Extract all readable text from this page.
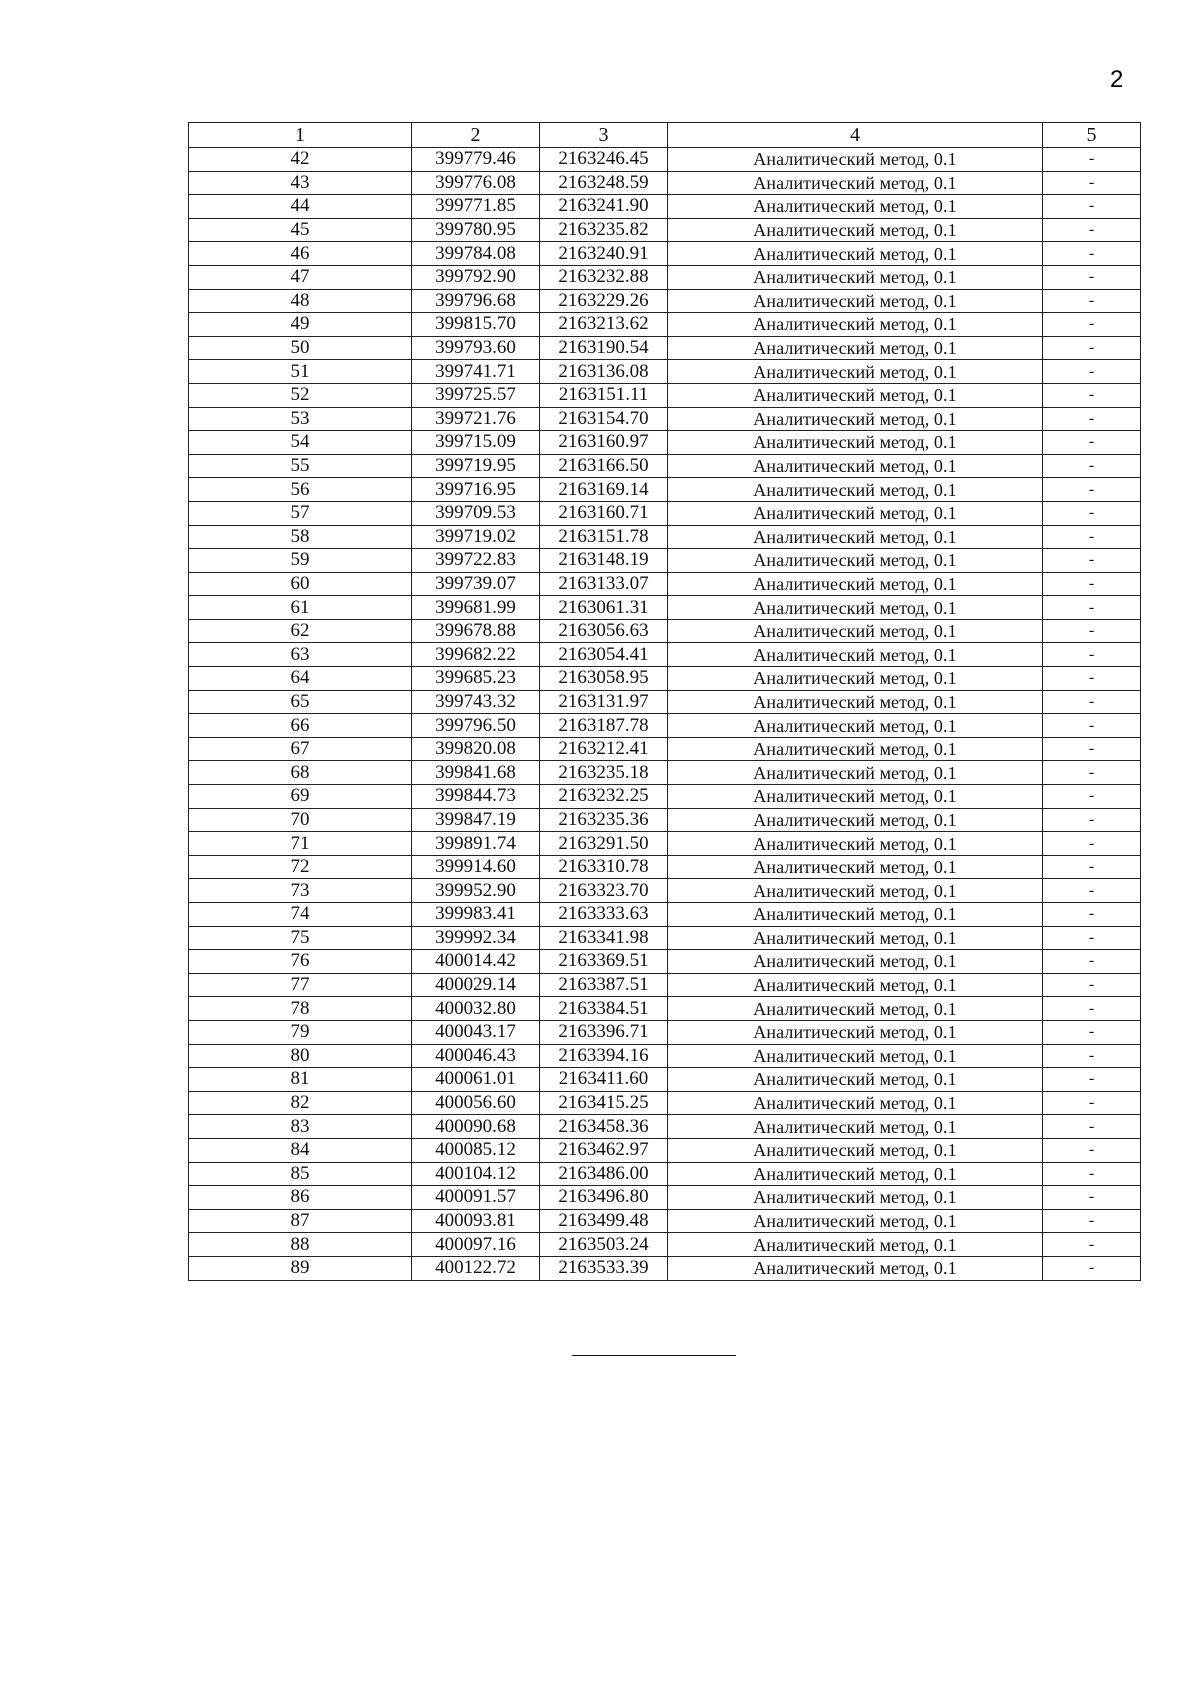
2
1	2	3	4	5
42	399779.46	2163246.45	Аналитический метод, 0.1	-
43	399776.08	2163248.59	Аналитический метод, 0.1	-
44	399771.85	2163241.90	Аналитический метод, 0.1	-
45	399780.95	2163235.82	Аналитический метод, 0.1	-
46	399784.08	2163240.91	Аналитический метод, 0.1	-
47	399792.90	2163232.88	Аналитический метод, 0.1	-
48	399796.68	2163229.26	Аналитический метод, 0.1	-
49	399815.70	2163213.62	Аналитический метод, 0.1	-
50	399793.60	2163190.54	Аналитический метод, 0.1	-
51	399741.71	2163136.08	Аналитический метод, 0.1	-
52	399725.57	2163151.11	Аналитический метод, 0.1	-
53	399721.76	2163154.70	Аналитический метод, 0.1	-
54	399715.09	2163160.97	Аналитический метод, 0.1	-
55	399719.95	2163166.50	Аналитический метод, 0.1	-
56	399716.95	2163169.14	Аналитический метод, 0.1	-
57	399709.53	2163160.71	Аналитический метод, 0.1	-
58	399719.02	2163151.78	Аналитический метод, 0.1	-
59	399722.83	2163148.19	Аналитический метод, 0.1	-
60	399739.07	2163133.07	Аналитический метод, 0.1	-
61	399681.99	2163061.31	Аналитический метод, 0.1	-
62	399678.88	2163056.63	Аналитический метод, 0.1	-
63	399682.22	2163054.41	Аналитический метод, 0.1	-
64	399685.23	2163058.95	Аналитический метод, 0.1	-
65	399743.32	2163131.97	Аналитический метод, 0.1	-
66	399796.50	2163187.78	Аналитический метод, 0.1	-
67	399820.08	2163212.41	Аналитический метод, 0.1	-
68	399841.68	2163235.18	Аналитический метод, 0.1	-
69	399844.73	2163232.25	Аналитический метод, 0.1	-
70	399847.19	2163235.36	Аналитический метод, 0.1	-
71	399891.74	2163291.50	Аналитический метод, 0.1	-
72	399914.60	2163310.78	Аналитический метод, 0.1	-
73	399952.90	2163323.70	Аналитический метод, 0.1	-
74	399983.41	2163333.63	Аналитический метод, 0.1	-
75	399992.34	2163341.98	Аналитический метод, 0.1	-
76	400014.42	2163369.51	Аналитический метод, 0.1	-
77	400029.14	2163387.51	Аналитический метод, 0.1	-
78	400032.80	2163384.51	Аналитический метод, 0.1	-
79	400043.17	2163396.71	Аналитический метод, 0.1	-
80	400046.43	2163394.16	Аналитический метод, 0.1	-
81	400061.01	2163411.60	Аналитический метод, 0.1	-
82	400056.60	2163415.25	Аналитический метод, 0.1	-
83	400090.68	2163458.36	Аналитический метод, 0.1	-
84	400085.12	2163462.97	Аналитический метод, 0.1	-
85	400104.12	2163486.00	Аналитический метод, 0.1	-
86	400091.57	2163496.80	Аналитический метод, 0.1	-
87	400093.81	2163499.48	Аналитический метод, 0.1	-
88	400097.16	2163503.24	Аналитический метод, 0.1	-
89	400122.72	2163533.39	Аналитический метод, 0.1	-
